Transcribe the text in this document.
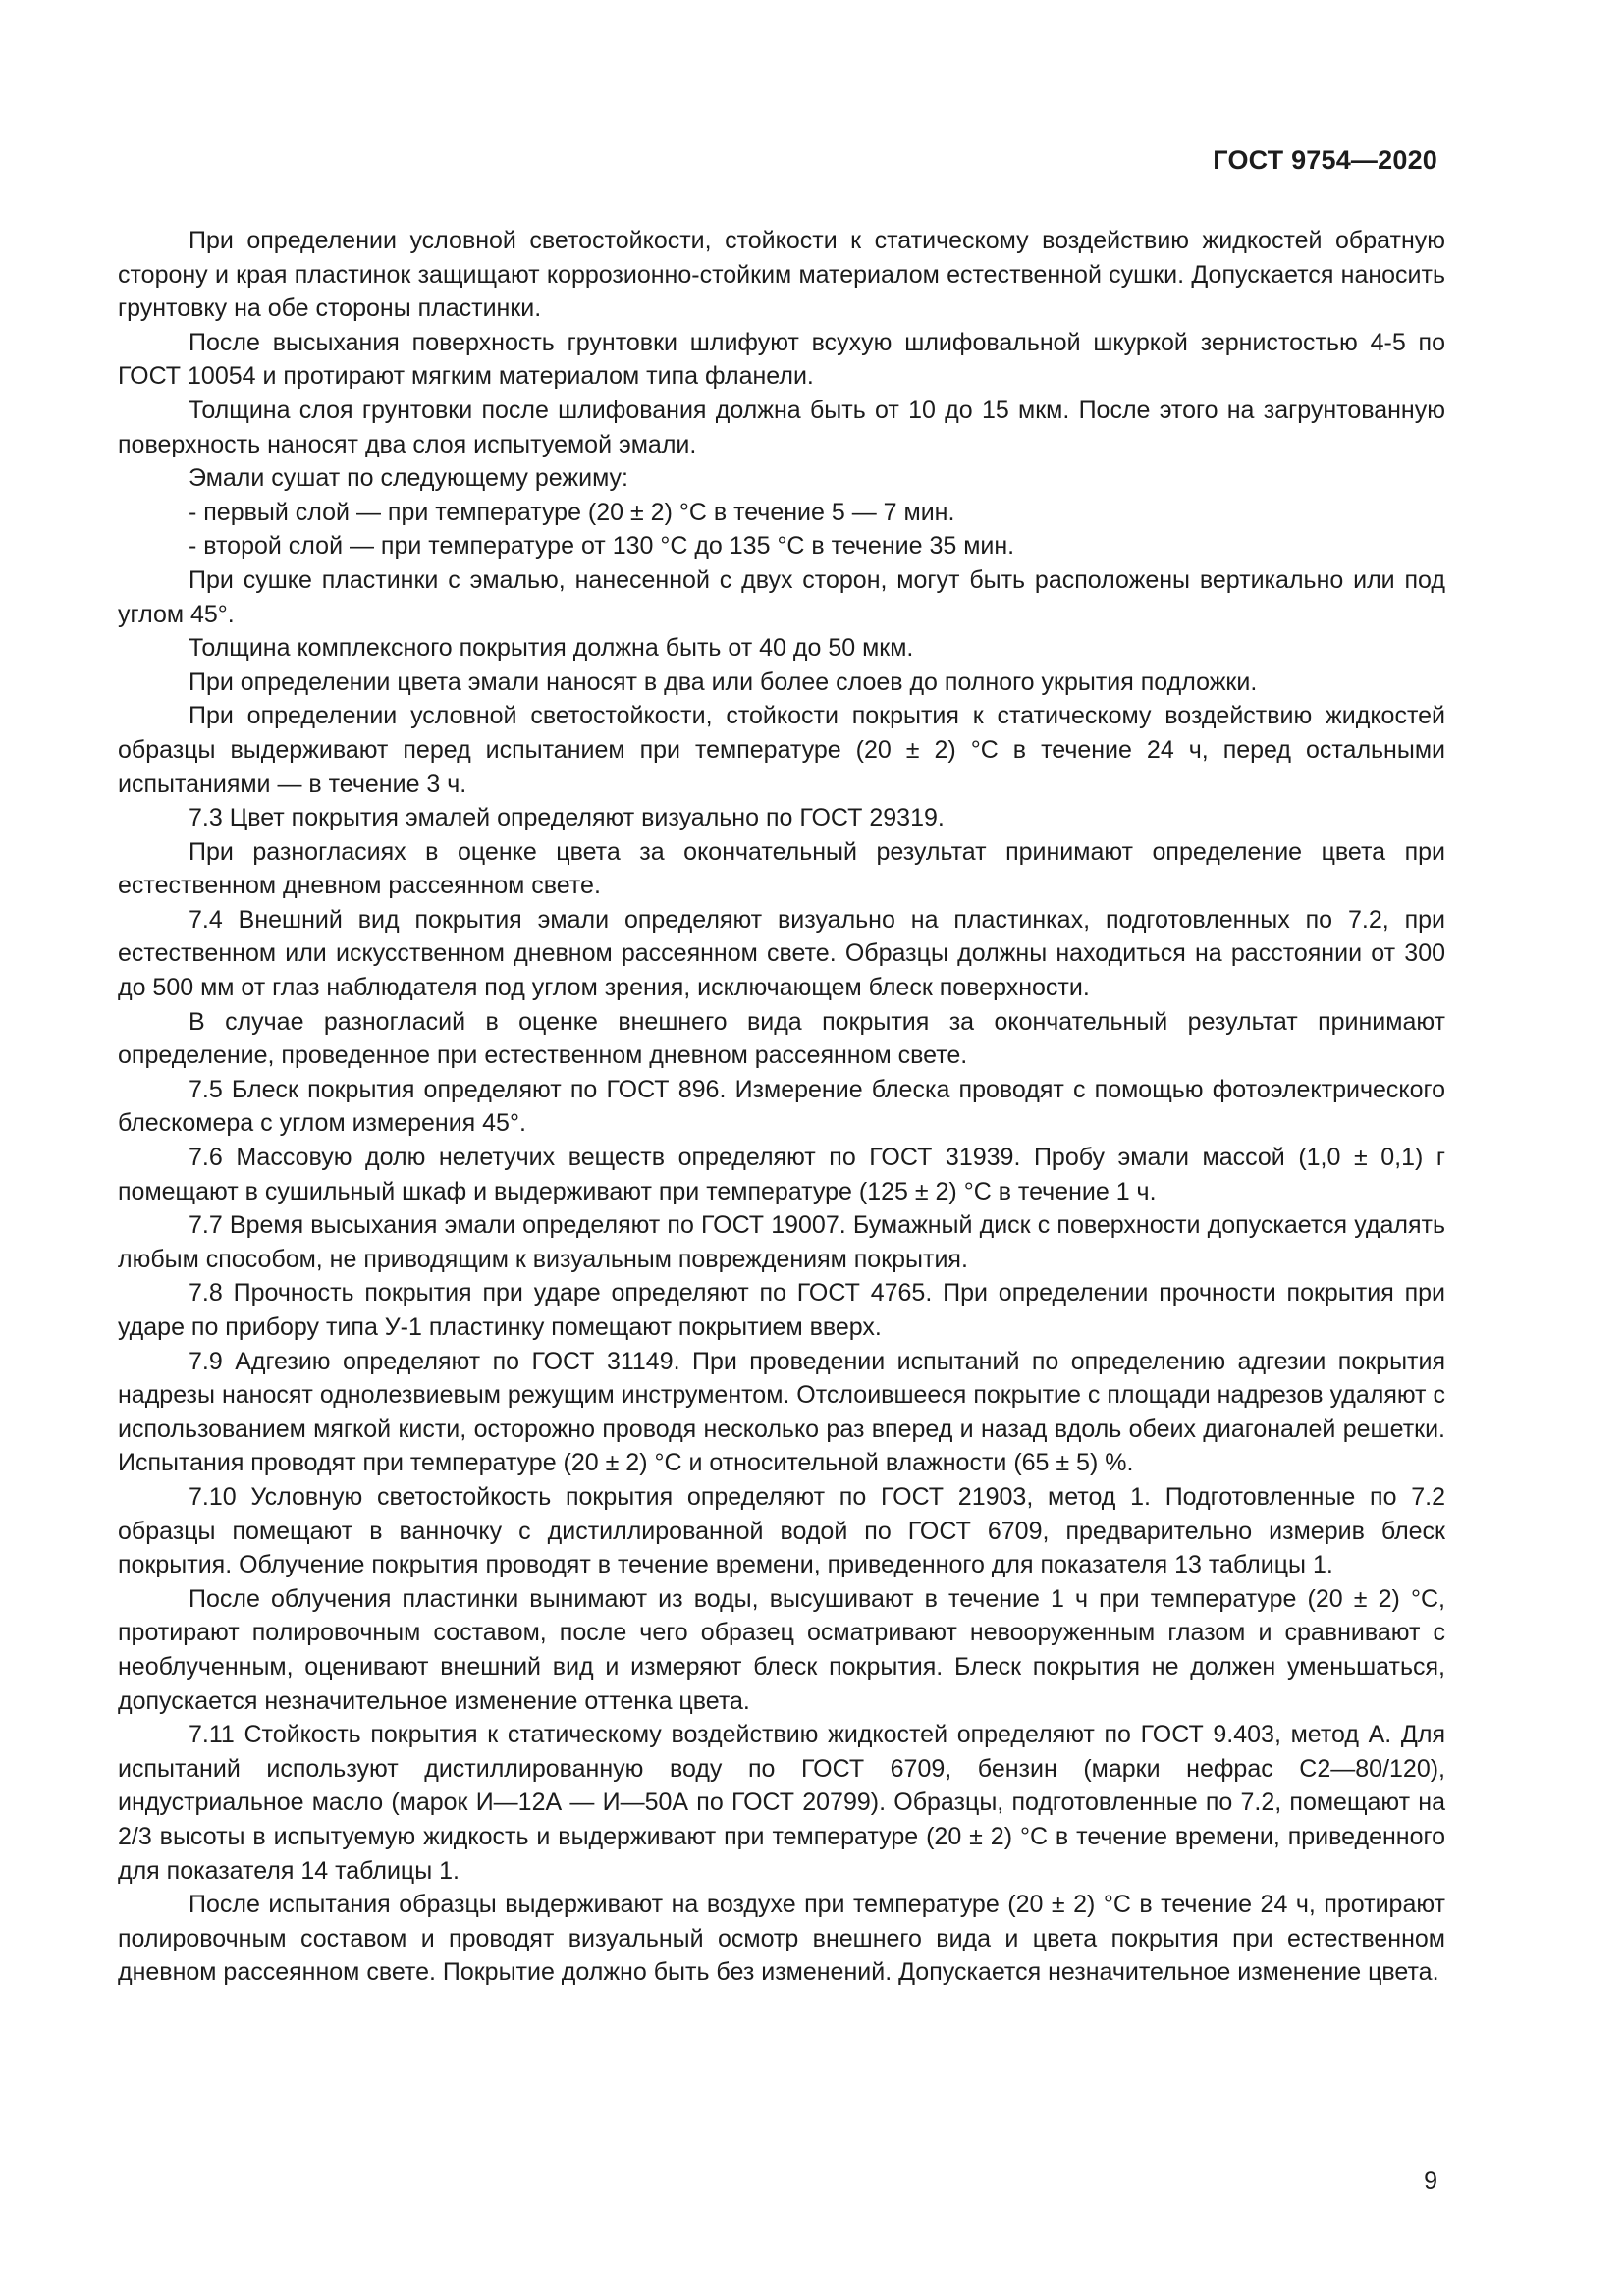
ГОСТ 9754—2020

При определении условной светостойкости, стойкости к статическому воздействию жидкостей обратную сторону и края пластинок защищают коррозионно-стойким материалом естественной сушки. Допускается наносить грунтовку на обе стороны пластинки.

После высыхания поверхность грунтовки шлифуют всухую шлифовальной шкуркой зернистостью 4-5 по ГОСТ 10054 и протирают мягким материалом типа фланели.

Толщина слоя грунтовки после шлифования должна быть от 10 до 15 мкм. После этого на загрунтованную поверхность наносят два слоя испытуемой эмали.

Эмали сушат по следующему режиму:

- первый слой — при температуре (20 ± 2) °С в течение 5 — 7 мин.

- второй слой — при температуре от 130 °С до 135 °С в течение 35 мин.

При сушке пластинки с эмалью, нанесенной с двух сторон, могут быть расположены вертикально или под углом 45°.

Толщина комплексного покрытия должна быть от 40 до 50 мкм.

При определении цвета эмали наносят в два или более слоев до полного укрытия подложки.

При определении условной светостойкости, стойкости покрытия к статическому воздействию жидкостей образцы выдерживают перед испытанием при температуре (20 ± 2) °С в течение 24 ч, перед остальными испытаниями — в течение 3 ч.

7.3 Цвет покрытия эмалей определяют визуально по ГОСТ 29319.

При разногласиях в оценке цвета за окончательный результат принимают определение цвета при естественном дневном рассеянном свете.

7.4 Внешний вид покрытия эмали определяют визуально на пластинках, подготовленных по 7.2, при естественном или искусственном дневном рассеянном свете. Образцы должны находиться на расстоянии от 300 до 500 мм от глаз наблюдателя под углом зрения, исключающем блеск поверхности.

В случае разногласий в оценке внешнего вида покрытия за окончательный результат принимают определение, проведенное при естественном дневном рассеянном свете.

7.5 Блеск покрытия определяют по ГОСТ 896. Измерение блеска проводят с помощью фотоэлектрического блескомера с углом измерения 45°.

7.6 Массовую долю нелетучих веществ определяют по ГОСТ 31939. Пробу эмали массой (1,0 ± 0,1) г помещают в сушильный шкаф и выдерживают при температуре (125 ± 2) °С в течение 1 ч.

7.7 Время высыхания эмали определяют по ГОСТ 19007. Бумажный диск с поверхности допускается удалять любым способом, не приводящим к визуальным повреждениям покрытия.

7.8 Прочность покрытия при ударе определяют по ГОСТ 4765. При определении прочности покрытия при ударе по прибору типа У-1 пластинку помещают покрытием вверх.

7.9 Адгезию определяют по ГОСТ 31149. При проведении испытаний по определению адгезии покрытия надрезы наносят однолезвиевым режущим инструментом. Отслоившееся покрытие с площади надрезов удаляют с использованием мягкой кисти, осторожно проводя несколько раз вперед и назад вдоль обеих диагоналей решетки. Испытания проводят при температуре (20 ± 2) °С и относительной влажности (65 ± 5) %.

7.10 Условную светостойкость покрытия определяют по ГОСТ 21903, метод 1. Подготовленные по 7.2 образцы помещают в ванночку с дистиллированной водой по ГОСТ 6709, предварительно измерив блеск покрытия. Облучение покрытия проводят в течение времени, приведенного для показателя 13 таблицы 1.

После облучения пластинки вынимают из воды, высушивают в течение 1 ч при температуре (20 ± 2) °С, протирают полировочным составом, после чего образец осматривают невооруженным глазом и сравнивают с необлученным, оценивают внешний вид и измеряют блеск покрытия. Блеск покрытия не должен уменьшаться, допускается незначительное изменение оттенка цвета.

7.11 Стойкость покрытия к статическому воздействию жидкостей определяют по ГОСТ 9.403, метод А. Для испытаний используют дистиллированную воду по ГОСТ 6709, бензин (марки нефрас С2—80/120), индустриальное масло (марок И—12А — И—50А по ГОСТ 20799). Образцы, подготовленные по 7.2, помещают на 2/3 высоты в испытуемую жидкость и выдерживают при температуре (20 ± 2) °С в течение времени, приведенного для показателя 14 таблицы 1.

После испытания образцы выдерживают на воздухе при температуре (20 ± 2) °С в течение 24 ч, протирают полировочным составом и проводят визуальный осмотр внешнего вида и цвета покрытия при естественном дневном рассеянном свете. Покрытие должно быть без изменений. Допускается незначительное изменение цвета.

9
